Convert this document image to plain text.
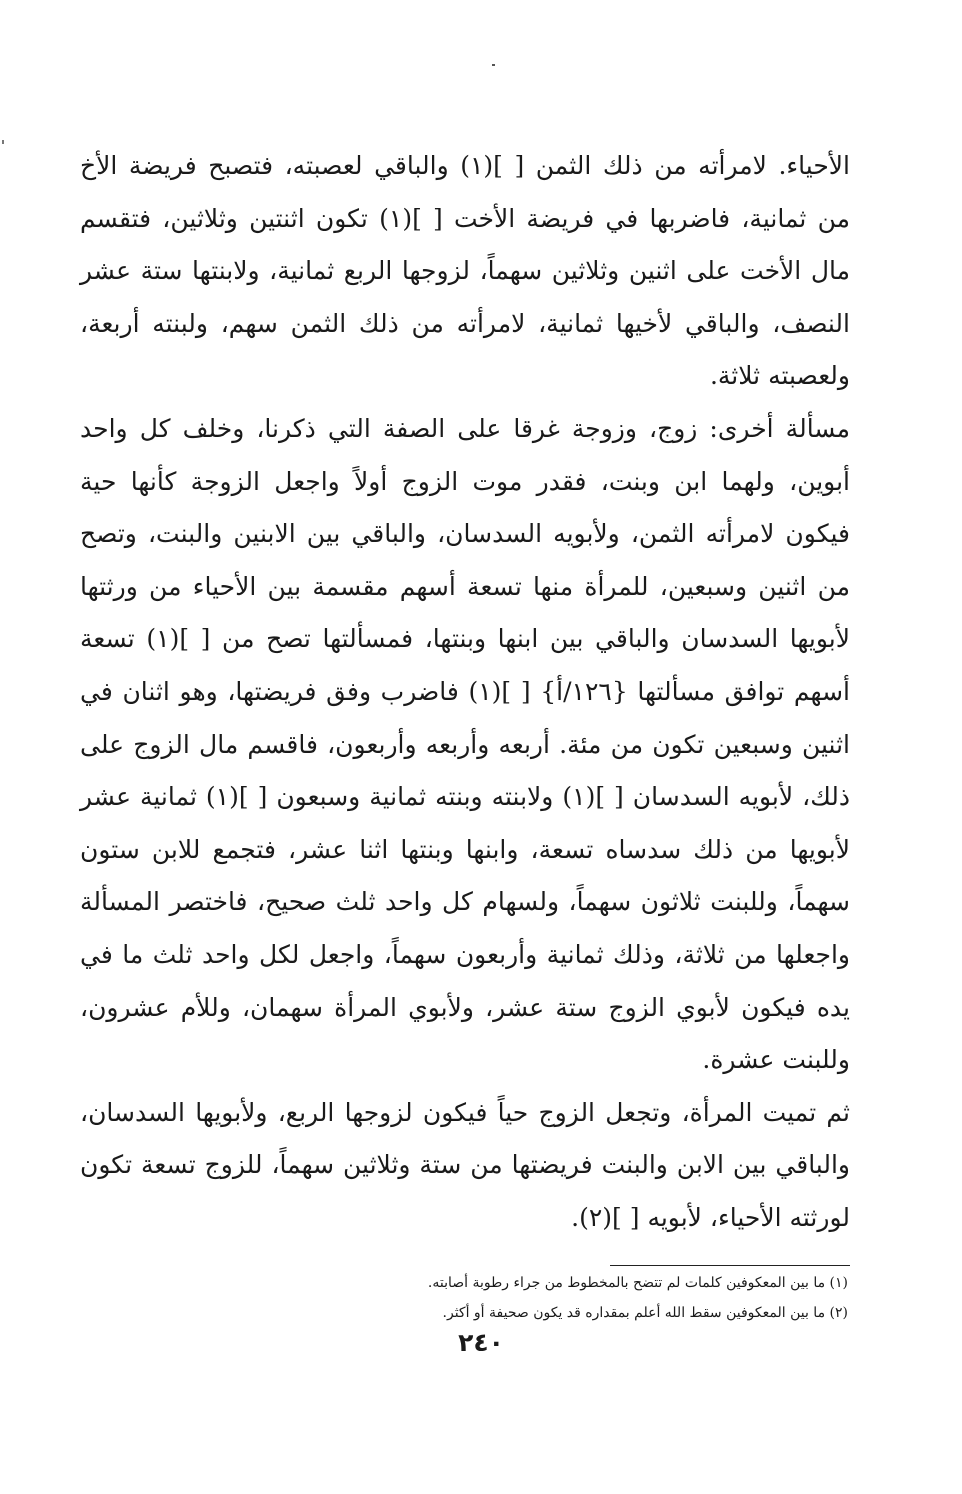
الأحياء. لامرأته من ذلك الثمن [ ](١) والباقي لعصبته، فتصبح فريضة الأخ من ثمانية، فاضربها في فريضة الأخت [ ](١) تكون اثنتين وثلاثين، فتقسم مال الأخت على اثنين وثلاثين سهماً، لزوجها الربع ثمانية، ولابنتها ستة عشر النصف، والباقي لأخيها ثمانية، لامرأته من ذلك الثمن سهم، ولبنته أربعة، ولعصبته ثلاثة.

مسألة أخرى: زوج، وزوجة غرقا على الصفة التي ذكرنا، وخلف كل واحد أبوين، ولهما ابن وبنت، فقدر موت الزوج أولاً واجعل الزوجة كأنها حية فيكون لامرأته الثمن، ولأبويه السدسان، والباقي بين الابنين والبنت، وتصح من اثنين وسبعين، للمرأة منها تسعة أسهم مقسمة بين الأحياء من ورثتها لأبويها السدسان والباقي بين ابنها وبنتها، فمسألتها تصح من [ ](١) تسعة أسهم توافق مسألتها {١٢٦/أ} [ ](١) فاضرب وفق فريضتها، وهو اثنان في اثنين وسبعين تكون من مئة. أربعه وأربعه وأربعون، فاقسم مال الزوج على ذلك، لأبويه السدسان [ ](١) ولابنته وبنته ثمانية وسبعون [ ](١) ثمانية عشر لأبويها من ذلك سدساه تسعة، وابنها وبنتها اثنا عشر، فتجمع للابن ستون سهماً، وللبنت ثلاثون سهماً، ولسهام كل واحد ثلث صحيح، فاختصر المسألة واجعلها من ثلاثة، وذلك ثمانية وأربعون سهماً، واجعل لكل واحد ثلث ما في يده فيكون لأبوي الزوج ستة عشر، ولأبوي المرأة سهمان، وللأم عشرون، وللبنت عشرة.

ثم تميت المرأة، وتجعل الزوج حياً فيكون لزوجها الربع، ولأبويها السدسان، والباقي بين الابن والبنت فريضتها من ستة وثلاثين سهماً، للزوج تسعة تكون لورثته الأحياء، لأبويه [ ](٢).

(١) ما بين المعكوفين كلمات لم تتضح بالمخطوط من جراء رطوبة أصابته.

(٢) ما بين المعكوفين سقط الله أعلم بمقداره قد يكون صحيفة أو أكثر.

٢٤٠
